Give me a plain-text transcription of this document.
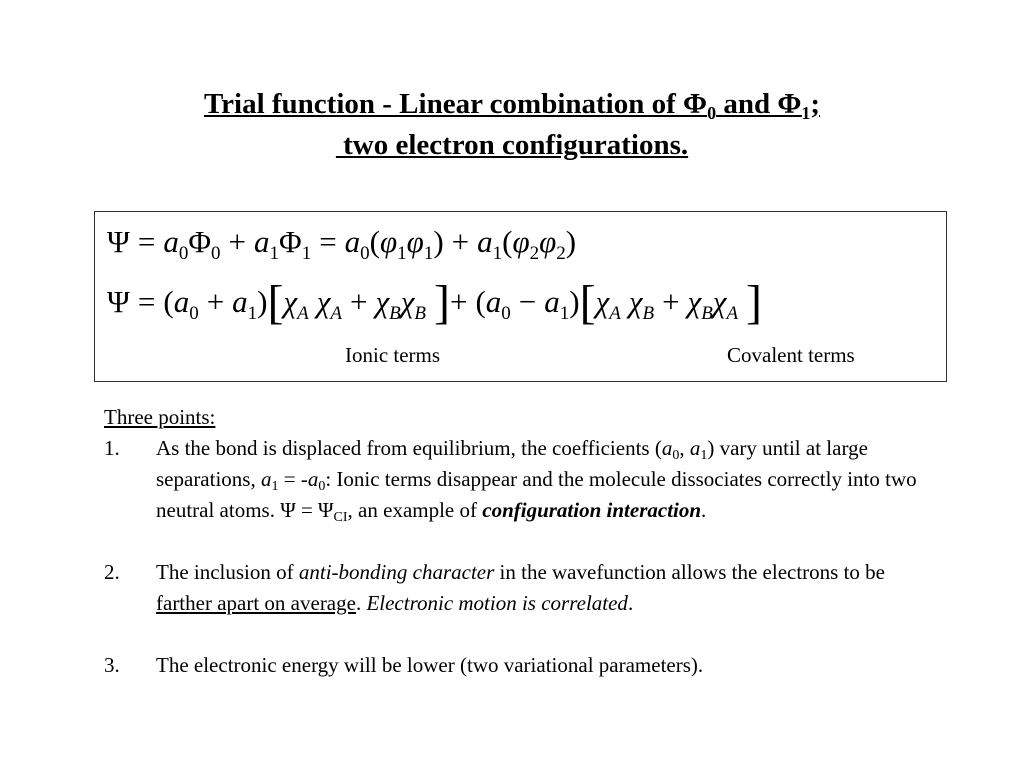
Trial function - Linear combination of $\Phi_0$ and $\Phi_1$;
two electron configurations.
$\Psi = a_0\Phi_0 + a_1\Phi_1 = a_0(\varphi_1\varphi_1) + a_1(\varphi_2\varphi_2)$
$\Psi = (a_0 + a_1)[\chi_A$ $\chi_A + \chi_B\chi_B$ ]+ $(a_0 - a_1)[\chi_A$ $\chi_B + \chi_B\chi_A$ ]
Ionic terms	Covalent terms
Three points:
1. As the bond is displaced from equilibrium, the coefficients ($a_0$, $a_1$) vary until at large separations, $a_1 = -a_0$: Ionic terms disappear and the molecule dissociates correctly into two neutral atoms. $\Psi = \Psi_{CI}$, an example of configuration interaction.
2. The inclusion of anti-bonding character in the wavefunction allows the electrons to be farther apart on average. Electronic motion is correlated.
3. The electronic energy will be lower (two variational parameters).
